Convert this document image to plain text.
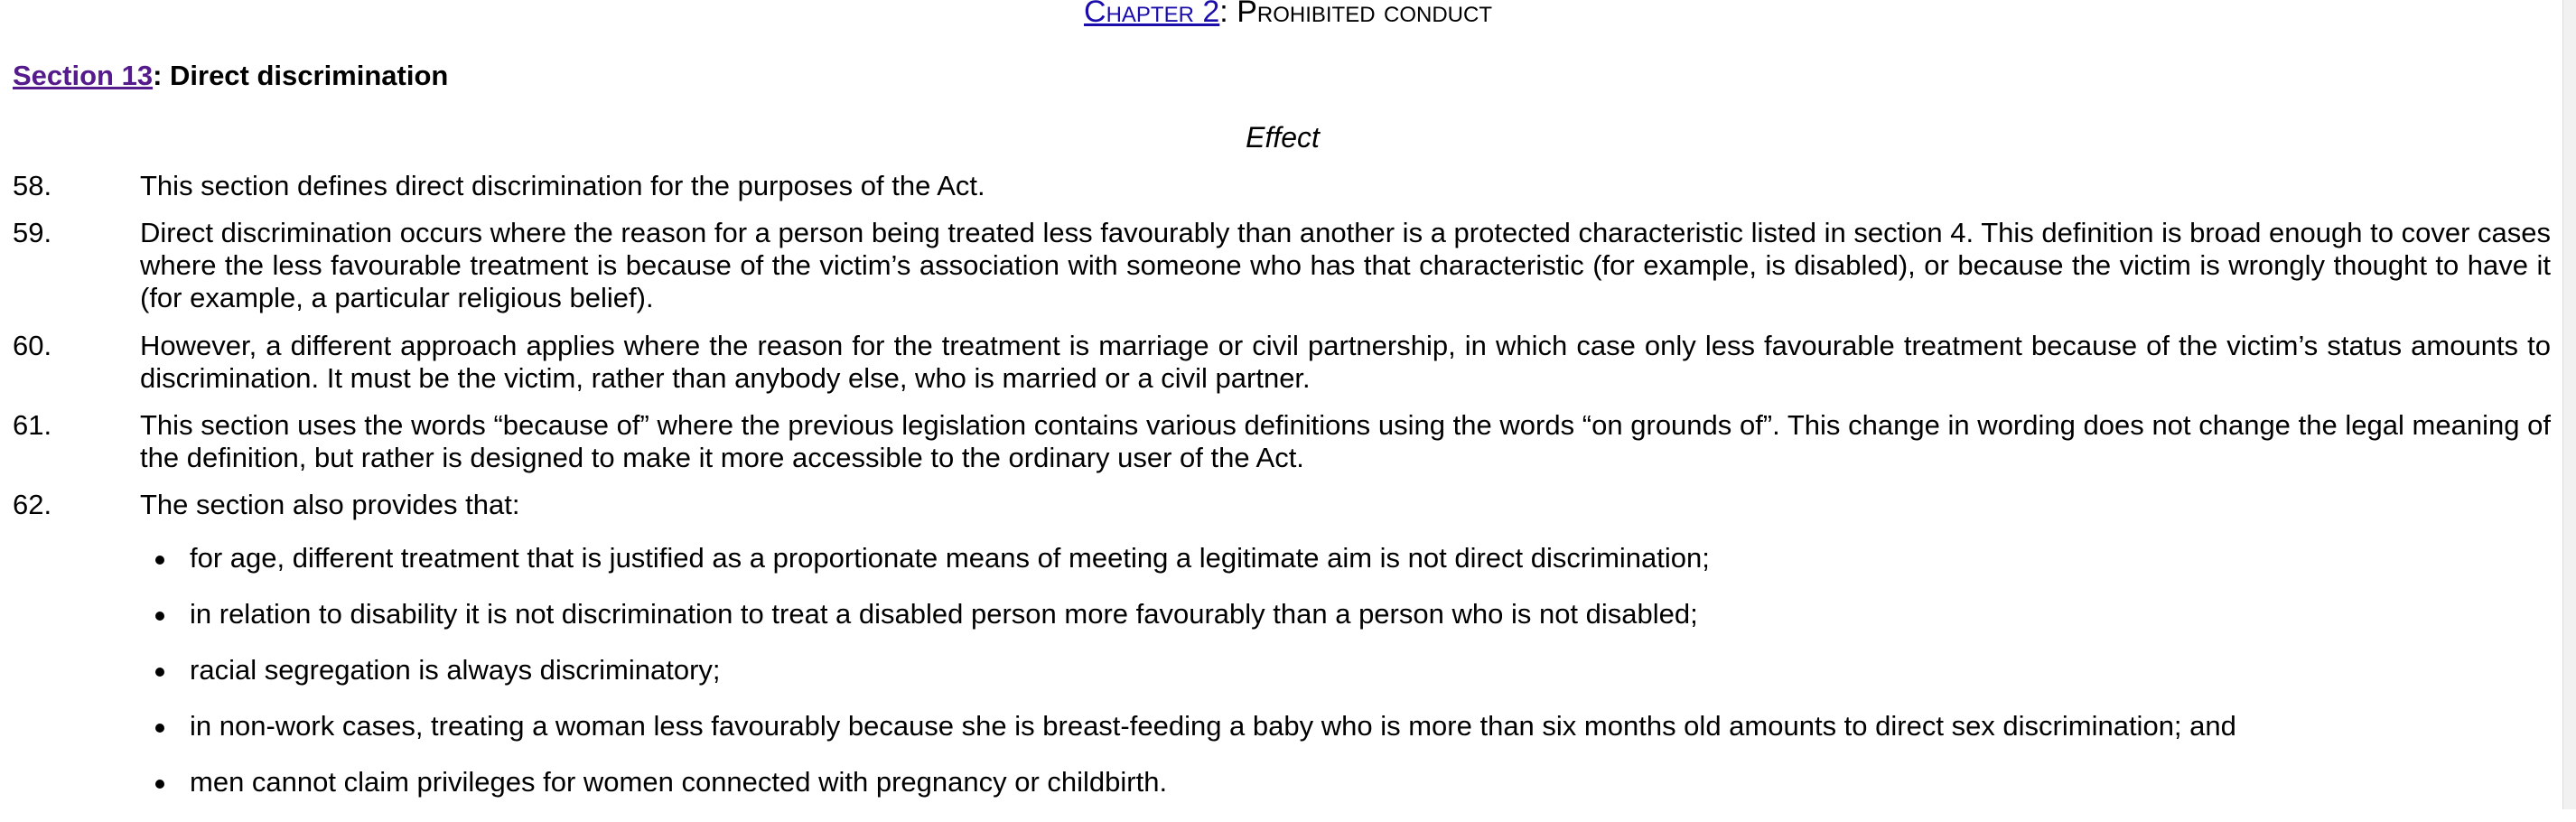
Chapter 2: Prohibited conduct
Section 13: Direct discrimination
Effect
58.	This section defines direct discrimination for the purposes of the Act.
59.	Direct discrimination occurs where the reason for a person being treated less favourably than another is a protected characteristic listed in section 4. This definition is broad enough to cover cases where the less favourable treatment is because of the victim’s association with someone who has that characteristic (for example, is disabled), or because the victim is wrongly thought to have it (for example, a particular religious belief).
60.	However, a different approach applies where the reason for the treatment is marriage or civil partnership, in which case only less favourable treatment because of the victim’s status amounts to discrimination. It must be the victim, rather than anybody else, who is married or a civil partner.
61.	This section uses the words “because of” where the previous legislation contains various definitions using the words “on grounds of”. This change in wording does not change the legal meaning of the definition, but rather is designed to make it more accessible to the ordinary user of the Act.
62.	The section also provides that:
for age, different treatment that is justified as a proportionate means of meeting a legitimate aim is not direct discrimination;
in relation to disability it is not discrimination to treat a disabled person more favourably than a person who is not disabled;
racial segregation is always discriminatory;
in non-work cases, treating a woman less favourably because she is breast-feeding a baby who is more than six months old amounts to direct sex discrimination; and
men cannot claim privileges for women connected with pregnancy or childbirth.
